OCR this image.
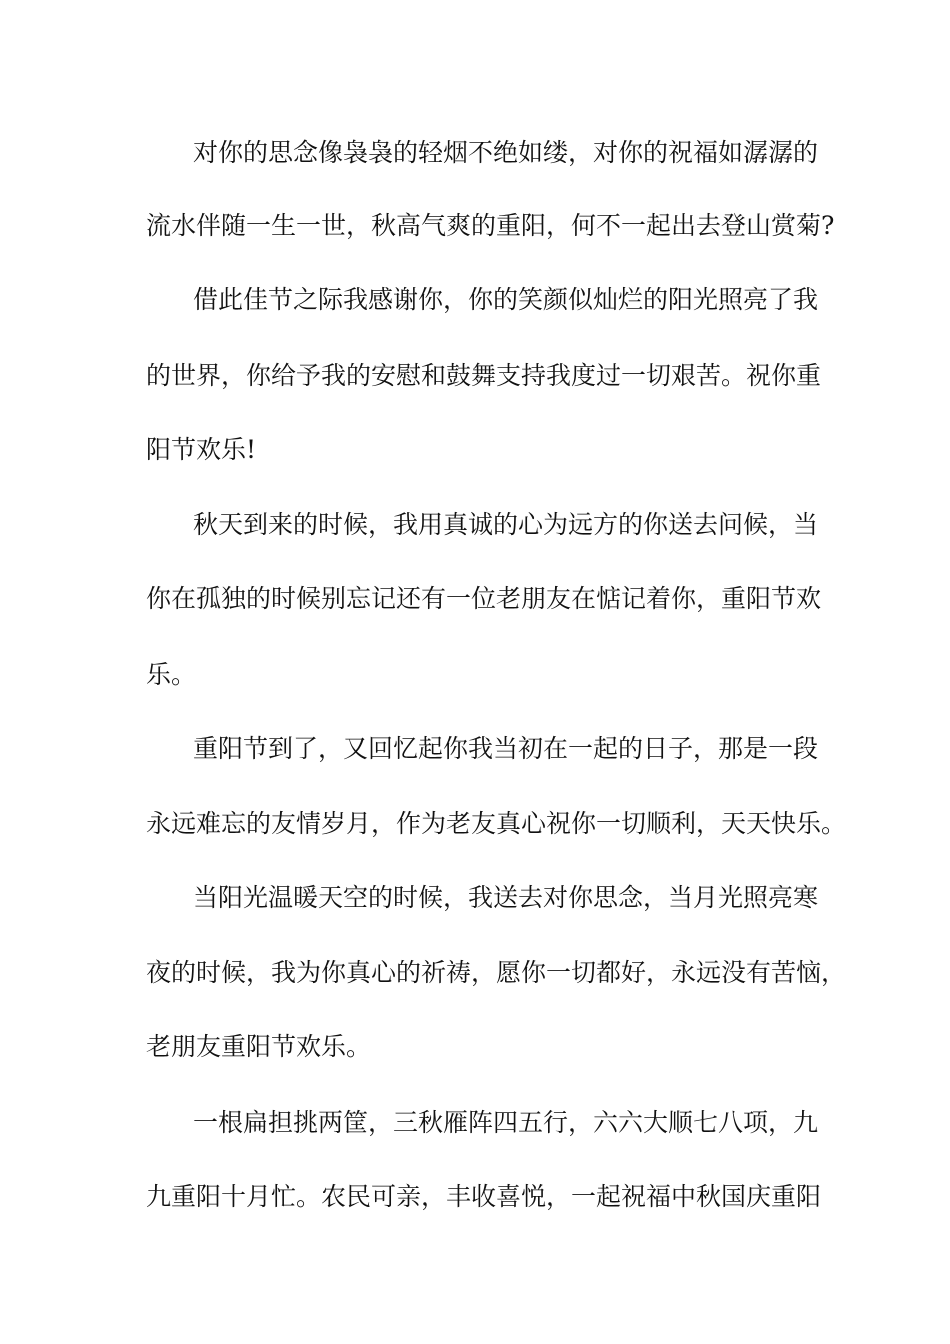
对你的思念像袅袅的轻烟不绝如缕，对你的祝福如潺潺的
流水伴随一生一世，秋高气爽的重阳，何不一起出去登山赏菊?
借此佳节之际我感谢你，你的笑颜似灿烂的阳光照亮了我
的世界，你给予我的安慰和鼓舞支持我度过一切艰苦。祝你重
阳节欢乐!
秋天到来的时候，我用真诚的心为远方的你送去问候，当
你在孤独的时候别忘记还有一位老朋友在惦记着你，重阳节欢
乐。
重阳节到了，又回忆起你我当初在一起的日子，那是一段
永远难忘的友情岁月，作为老友真心祝你一切顺利，天天快乐。
当阳光温暖天空的时候，我送去对你思念，当月光照亮寒
夜的时候，我为你真心的祈祷，愿你一切都好，永远没有苦恼，
老朋友重阳节欢乐。
一根扁担挑两筐，三秋雁阵四五行，六六大顺七八项，九
九重阳十月忙。农民可亲，丰收喜悦，一起祝福中秋国庆重阳
